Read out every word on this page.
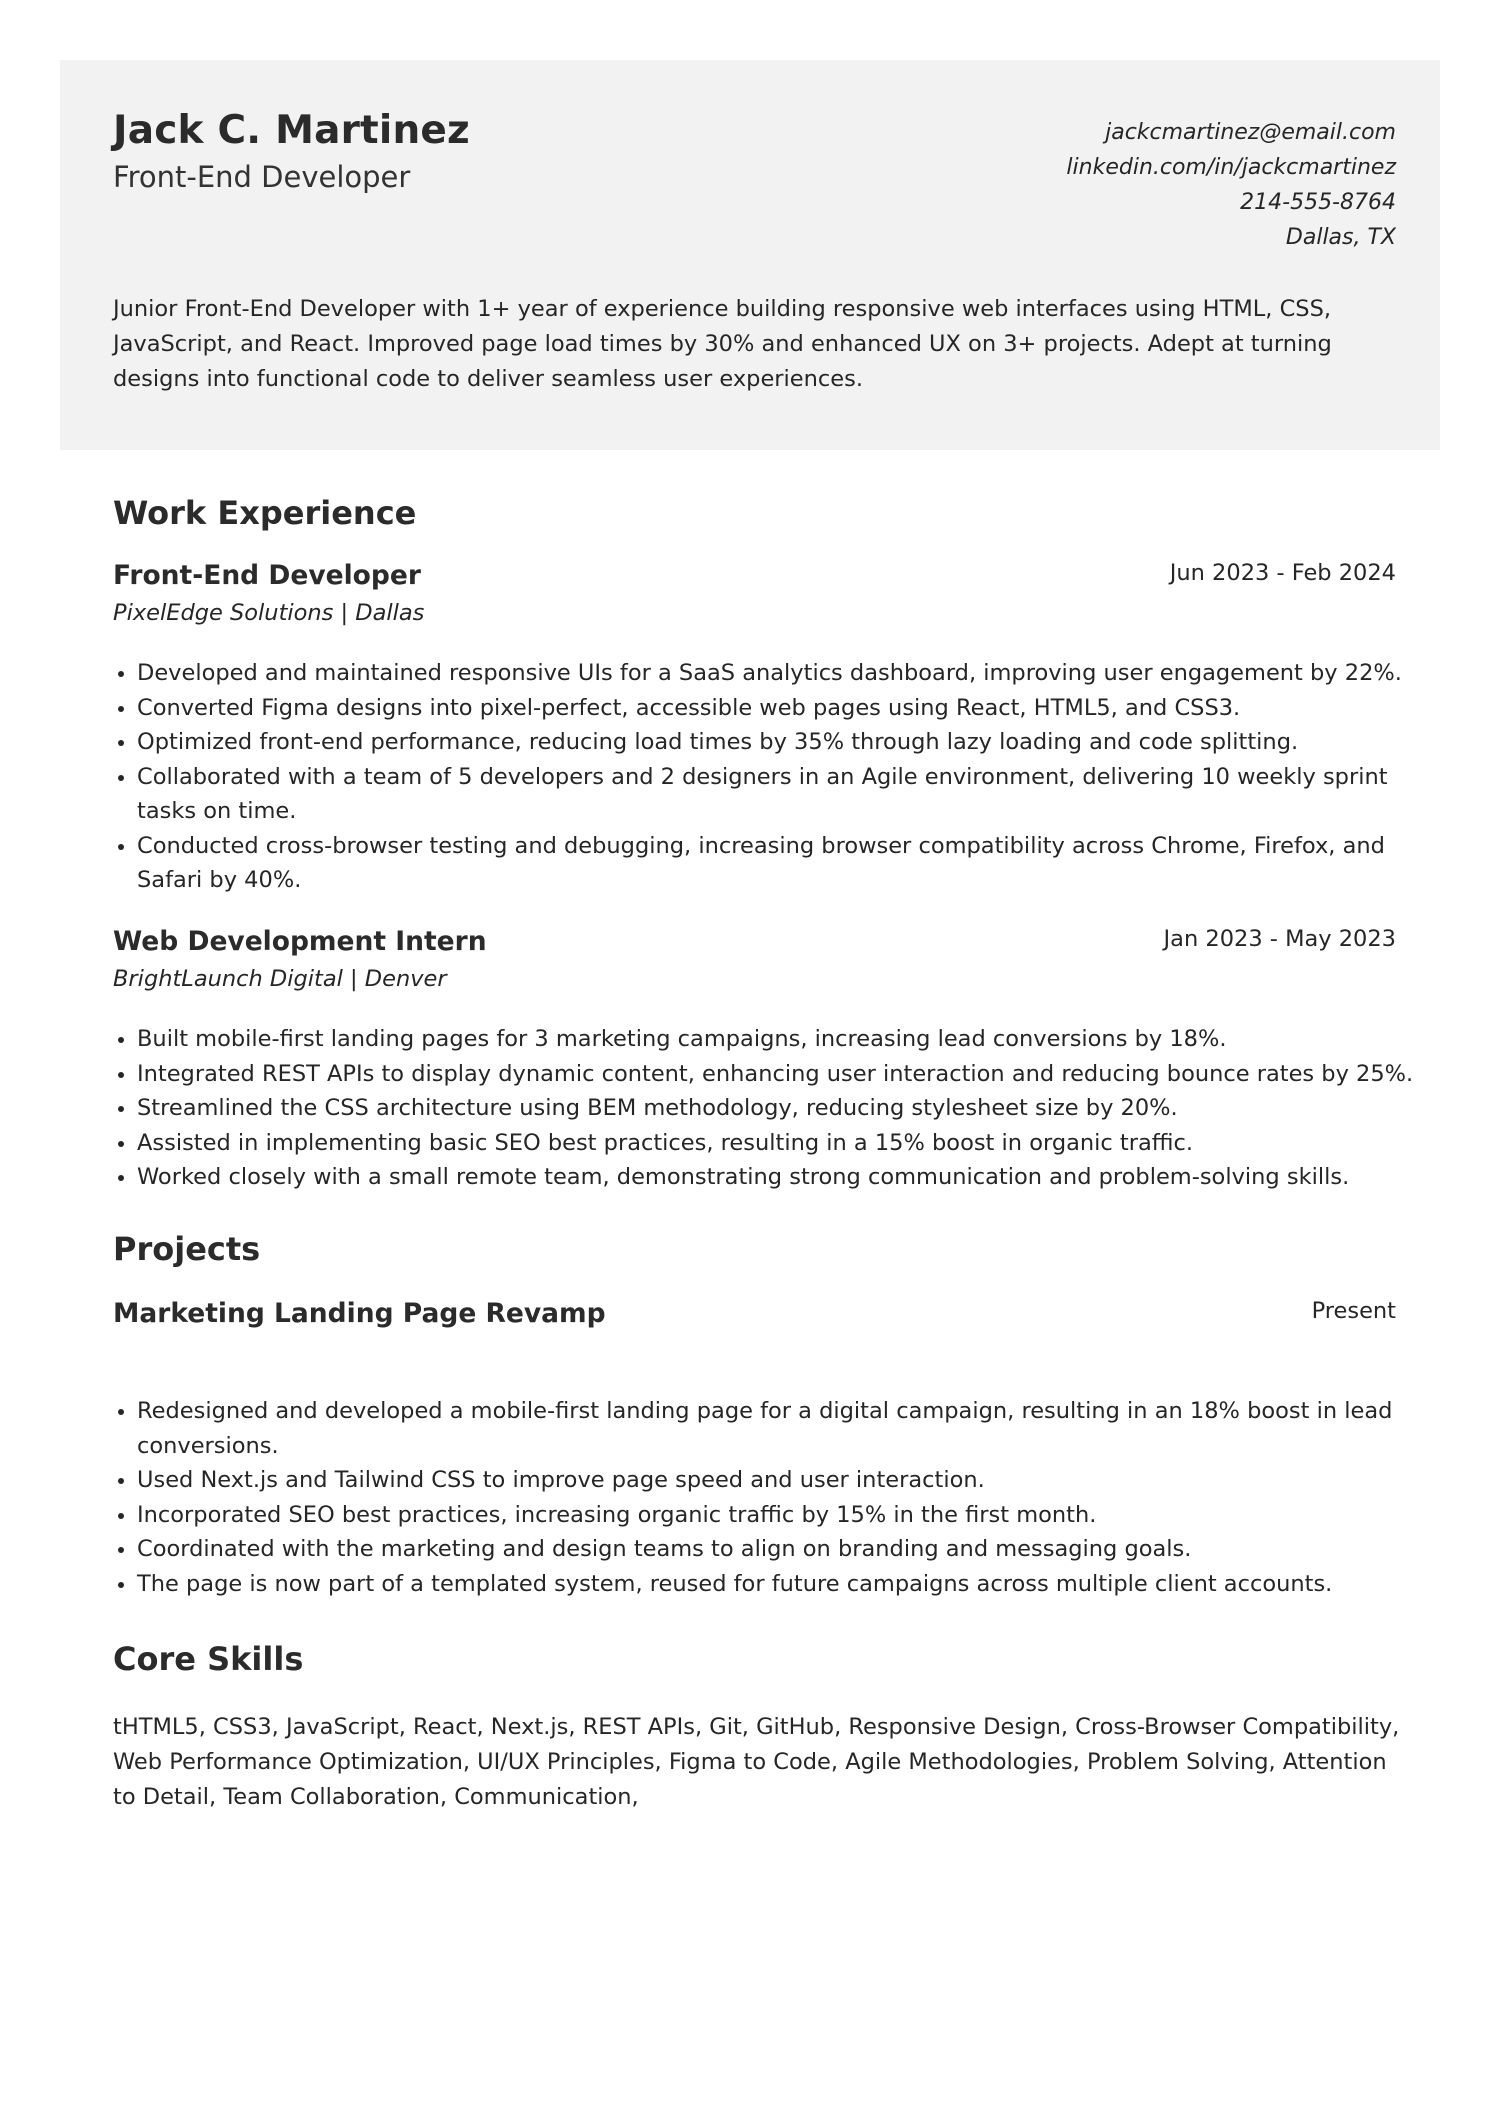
Jack C. Martinez
Front-End Developer
jackcmartinez@email.com
linkedin.com/in/jackcmartinez
214-555-8764
Dallas, TX
Junior Front-End Developer with 1+ year of experience building responsive web interfaces using HTML, CSS, JavaScript, and React. Improved page load times by 30% and enhanced UX on 3+ projects. Adept at turning designs into functional code to deliver seamless user experiences.
Work Experience
Front-End Developer	Jun 2023 - Feb 2024
PixelEdge Solutions | Dallas
• Developed and maintained responsive UIs for a SaaS analytics dashboard, improving user engagement by 22%.
• Converted Figma designs into pixel-perfect, accessible web pages using React, HTML5, and CSS3.
• Optimized front-end performance, reducing load times by 35% through lazy loading and code splitting.
• Collaborated with a team of 5 developers and 2 designers in an Agile environment, delivering 10 weekly sprint tasks on time.
• Conducted cross-browser testing and debugging, increasing browser compatibility across Chrome, Firefox, and Safari by 40%.
Web Development Intern	Jan 2023 - May 2023
BrightLaunch Digital | Denver
• Built mobile-first landing pages for 3 marketing campaigns, increasing lead conversions by 18%.
• Integrated REST APIs to display dynamic content, enhancing user interaction and reducing bounce rates by 25%.
• Streamlined the CSS architecture using BEM methodology, reducing stylesheet size by 20%.
• Assisted in implementing basic SEO best practices, resulting in a 15% boost in organic traffic.
• Worked closely with a small remote team, demonstrating strong communication and problem-solving skills.
Projects
Marketing Landing Page Revamp	Present
• Redesigned and developed a mobile-first landing page for a digital campaign, resulting in an 18% boost in lead conversions.
• Used Next.js and Tailwind CSS to improve page speed and user interaction.
• Incorporated SEO best practices, increasing organic traffic by 15% in the first month.
• Coordinated with the marketing and design teams to align on branding and messaging goals.
• The page is now part of a templated system, reused for future campaigns across multiple client accounts.
Core Skills
tHTML5, CSS3, JavaScript, React, Next.js, REST APIs, Git, GitHub, Responsive Design, Cross-Browser Compatibility, Web Performance Optimization, UI/UX Principles, Figma to Code, Agile Methodologies, Problem Solving, Attention to Detail, Team Collaboration, Communication,
